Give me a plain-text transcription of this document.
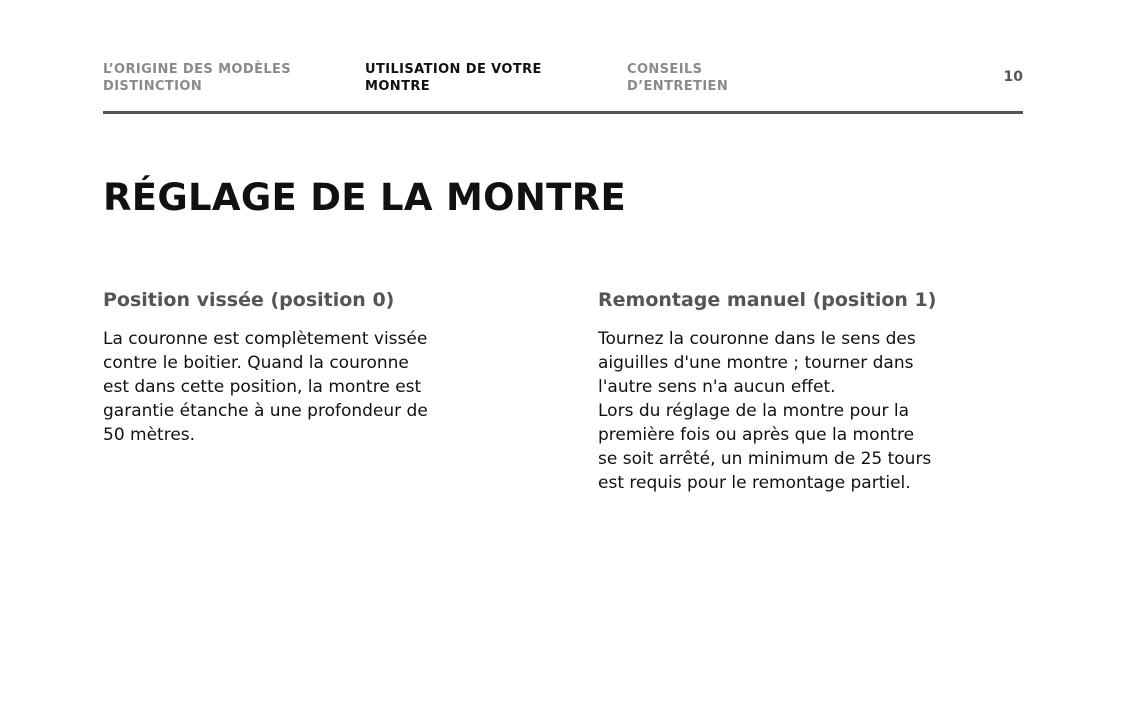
L’ORIGINE DES MODÈLES
DISTINCTION
UTILISATION DE VOTRE
MONTRE
CONSEILS
D’ENTRETIEN
10
RÉGLAGE DE LA MONTRE
Position vissée (position 0)

La couronne est complètement vissée
contre le boitier. Quand la couronne
est dans cette position, la montre est
garantie étanche à une profondeur de
50 mètres.

Remontage manuel (position 1)

Tournez la couronne dans le sens des
aiguilles d'une montre ; tourner dans
l'autre sens n'a aucun effet.
Lors du réglage de la montre pour la
première fois ou après que la montre
se soit arrêté, un minimum de 25 tours
est requis pour le remontage partiel.
